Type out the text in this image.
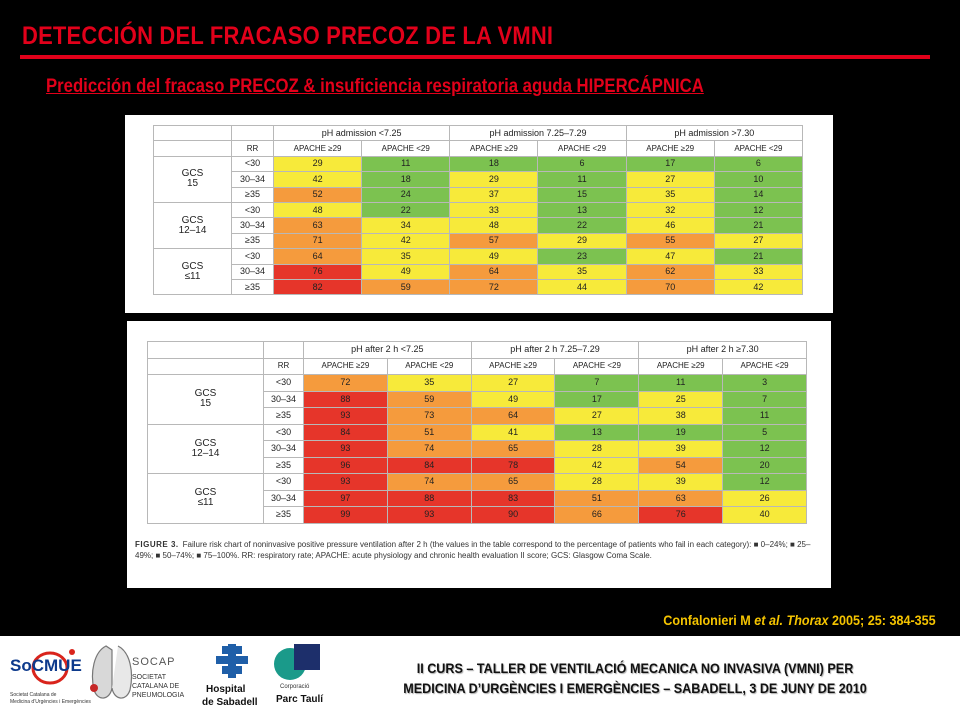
DETECCIÓN DEL FRACASO PRECOZ DE LA VMNI
Predicción del fracaso PRECOZ & insuficiencia respiratoria aguda HIPERCÁPNICA
		pH admission <7.25		pH admission 7.25–7.29		pH admission >7.30	
	RR	APACHE ≥29	APACHE <29	APACHE ≥29	APACHE <29	APACHE ≥29	APACHE <29

GCS
15	<30	29	11	18	6	17	6
	30–34	42	18	29	11	27	10
	≥35	52	24	37	15	35	14

GCS
12–14	<30	48	22	33	13	32	12
	30–34	63	34	48	22	46	21
	≥35	71	42	57	29	55	27

GCS
≤11	<30	64	35	49	23	47	21
	30–34	76	49	64	35	62	33
	≥35	82	59	72	44	70	42
		pH after 2 h <7.25		pH after 2 h 7.25–7.29		pH after 2 h ≥7.30	
	RR	APACHE ≥29	APACHE <29	APACHE ≥29	APACHE <29	APACHE ≥29	APACHE <29

GCS
15	<30	72	35	27	7	11	3
	30–34	88	59	49	17	25	7
	≥35	93	73	64	27	38	11

GCS
12–14	<30	84	51	41	13	19	5
	30–34	93	74	65	28	39	12
	≥35	96	84	78	42	54	20

GCS
≤11	<30	93	74	65	28	39	12
	30–34	97	88	83	51	63	26
	≥35	99	93	90	66	76	40
FIGURE 3. Failure risk chart of noninvasive positive pressure ventilation after 2 h (the values in the table correspond to the percentage of patients who fail in each category): ■ 0–24%; ■ 25–49%; ■ 50–74%; ■ 75–100%. RR: respiratory rate; APACHE: acute physiology and chronic health evaluation II score; GCS: Glasgow Coma Scale.
Confalonieri M et al. Thorax 2005; 25: 384-355
SoCMUE
Societat Catalana de
Medicina d’Urgències i Emergències
SOCAP
SOCIETAT
CATALANA DE
PNEUMOLOGIA
Hospital
de Sabadell
Corporació
Parc Taulí
II CURS – TALLER DE VENTILACIÓ MECANICA NO INVASIVA (VMNI) PER
MEDICINA D’URGÈNCIES I EMERGÈNCIES – SABADELL, 3 DE JUNY DE 2010
